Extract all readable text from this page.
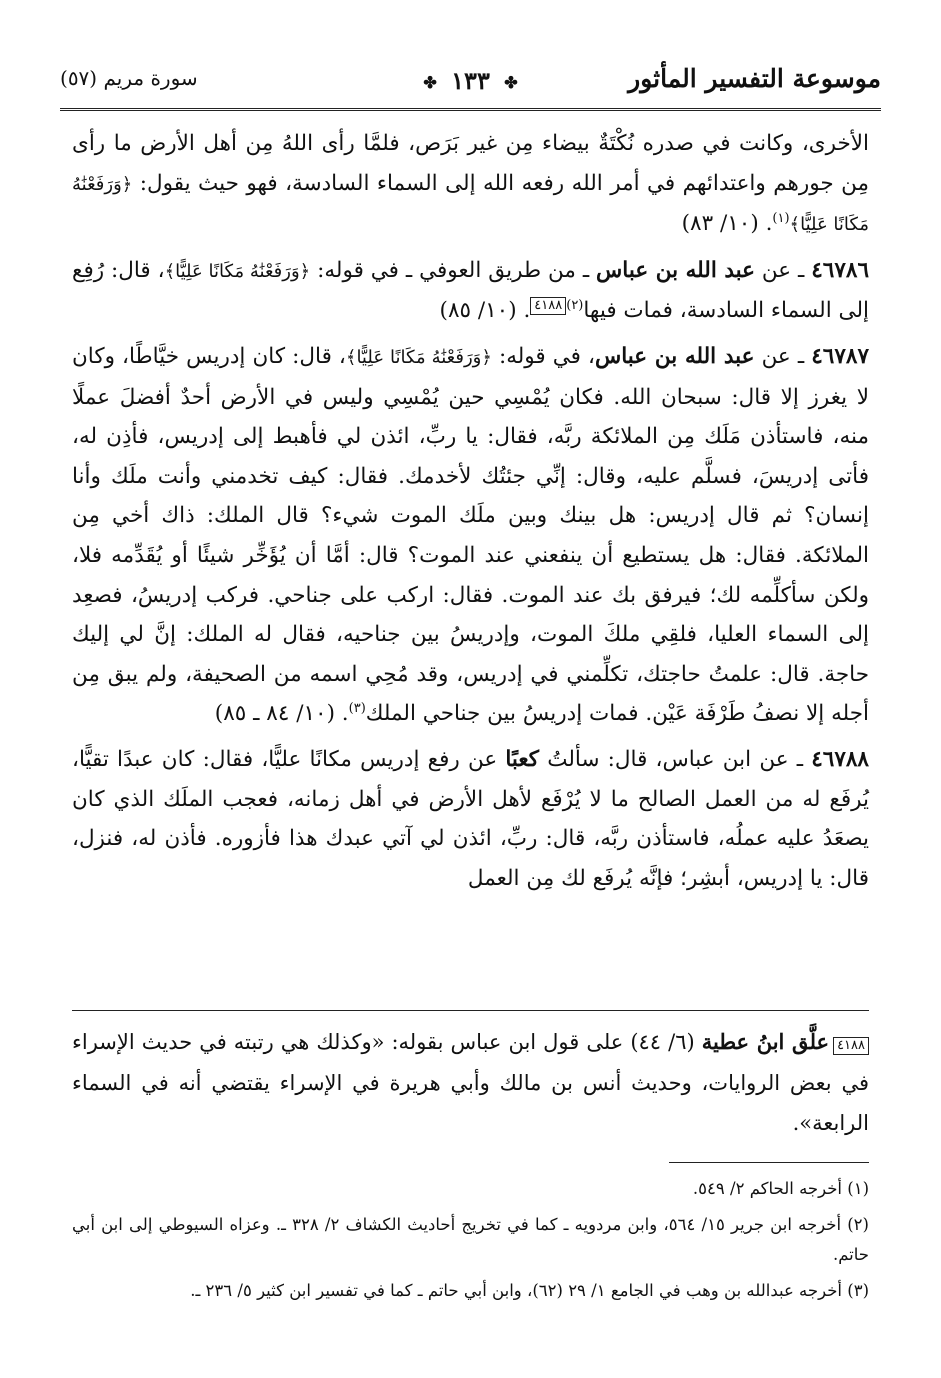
موسوعة التفسير المأثور
✤ ١٣٣ ✤
سورة مريم (٥٧)

الأخرى، وكانت في صدره نُكْتَةٌ بيضاء مِن غير بَرَص، فلمَّا رأى اللهُ مِن أهل الأرض ما رأى مِن جورهم واعتدائهم في أمر الله رفعه الله إلى السماء السادسة، فهو حيث يقول: ﴿وَرَفَعْنَٰهُ مَكَانًا عَلِيًّا﴾$^{(١)}$. (١٠/ ٨٣)

٤٦٧٨٦ ـ عن عبد الله بن عباس ـ من طريق العوفي ـ في قوله: ﴿وَرَفَعْنَٰهُ مَكَانًا عَلِيًّا﴾، قال: رُفِع إلى السماء السادسة، فمات فيها$^{(٢)}$٤١٨٨. (١٠/ ٨٥)

٤٦٧٨٧ ـ عن عبد الله بن عباس، في قوله: ﴿وَرَفَعْنَٰهُ مَكَانًا عَلِيًّا﴾، قال: كان إدريس خيَّاطًا، وكان لا يغرز إلا قال: سبحان الله. فكان يُمْسِي حين يُمْسِي وليس في الأرض أحدٌ أفضلَ عملًا منه، فاستأذن مَلَك مِن الملائكة ربَّه، فقال: يا ربِّ، ائذن لي فأهبط إلى إدريس، فأذِن له، فأتى إدريسَ، فسلَّم عليه، وقال: إنِّي جئتُك لأخدمك. فقال: كيف تخدمني وأنت ملَك وأنا إنسان؟ ثم قال إدريس: هل بينك وبين ملَك الموت شيء؟ قال الملك: ذاك أخي مِن الملائكة. فقال: هل يستطيع أن ينفعني عند الموت؟ قال: أمَّا أن يُؤَخِّر شيئًا أو يُقَدِّمه فلا، ولكن سأكلِّمه لك؛ فيرفق بك عند الموت. فقال: اركب على جناحي. فركب إدريسُ، فصعِد إلى السماء العليا، فلقِي ملكَ الموت، وإدريسُ بين جناحيه، فقال له الملك: إنَّ لي إليك حاجة. قال: علمتُ حاجتك، تكلِّمني في إدريس، وقد مُحِي اسمه من الصحيفة، ولم يبق مِن أجله إلا نصفُ طَرْفَة عَيْن. فمات إدريسُ بين جناحي الملك$^{(٣)}$. (١٠/ ٨٤ ـ ٨٥)

٤٦٧٨٨ ـ عن ابن عباس، قال: سألتُ كعبًا عن رفع إدريس مكانًا عليًّا، فقال: كان عبدًا تقيًّا، يُرفَع له من العمل الصالح ما لا يُرْفَع لأهل الأرض في أهل زمانه، فعجب الملَك الذي كان يصعَدُ عليه عملُه، فاستأذن ربَّه، قال: ربِّ، ائذن لي آتي عبدك هذا فأزوره. فأذن له، فنزل، قال: يا إدريس، أبشِر؛ فإنَّه يُرفَع لك مِن العمل

٤١٨٨علَّق ابنُ عطية (٦/ ٤٤) على قول ابن عباس بقوله: «وكذلك هي رتبته في حديث الإسراء في بعض الروايات، وحديث أنس بن مالك وأبي هريرة في الإسراء يقتضي أنه في السماء الرابعة».

(١) أخرجه الحاكم ٢/ ٥٤٩.

(٢) أخرجه ابن جرير ١٥/ ٥٦٤، وابن مردويه ـ كما في تخريج أحاديث الكشاف ٢/ ٣٢٨ ـ. وعزاه السيوطي إلى ابن أبي حاتم.

(٣) أخرجه عبدالله بن وهب في الجامع ١/ ٢٩ (٦٢)، وابن أبي حاتم ـ كما في تفسير ابن كثير ٥/ ٢٣٦ ـ.
